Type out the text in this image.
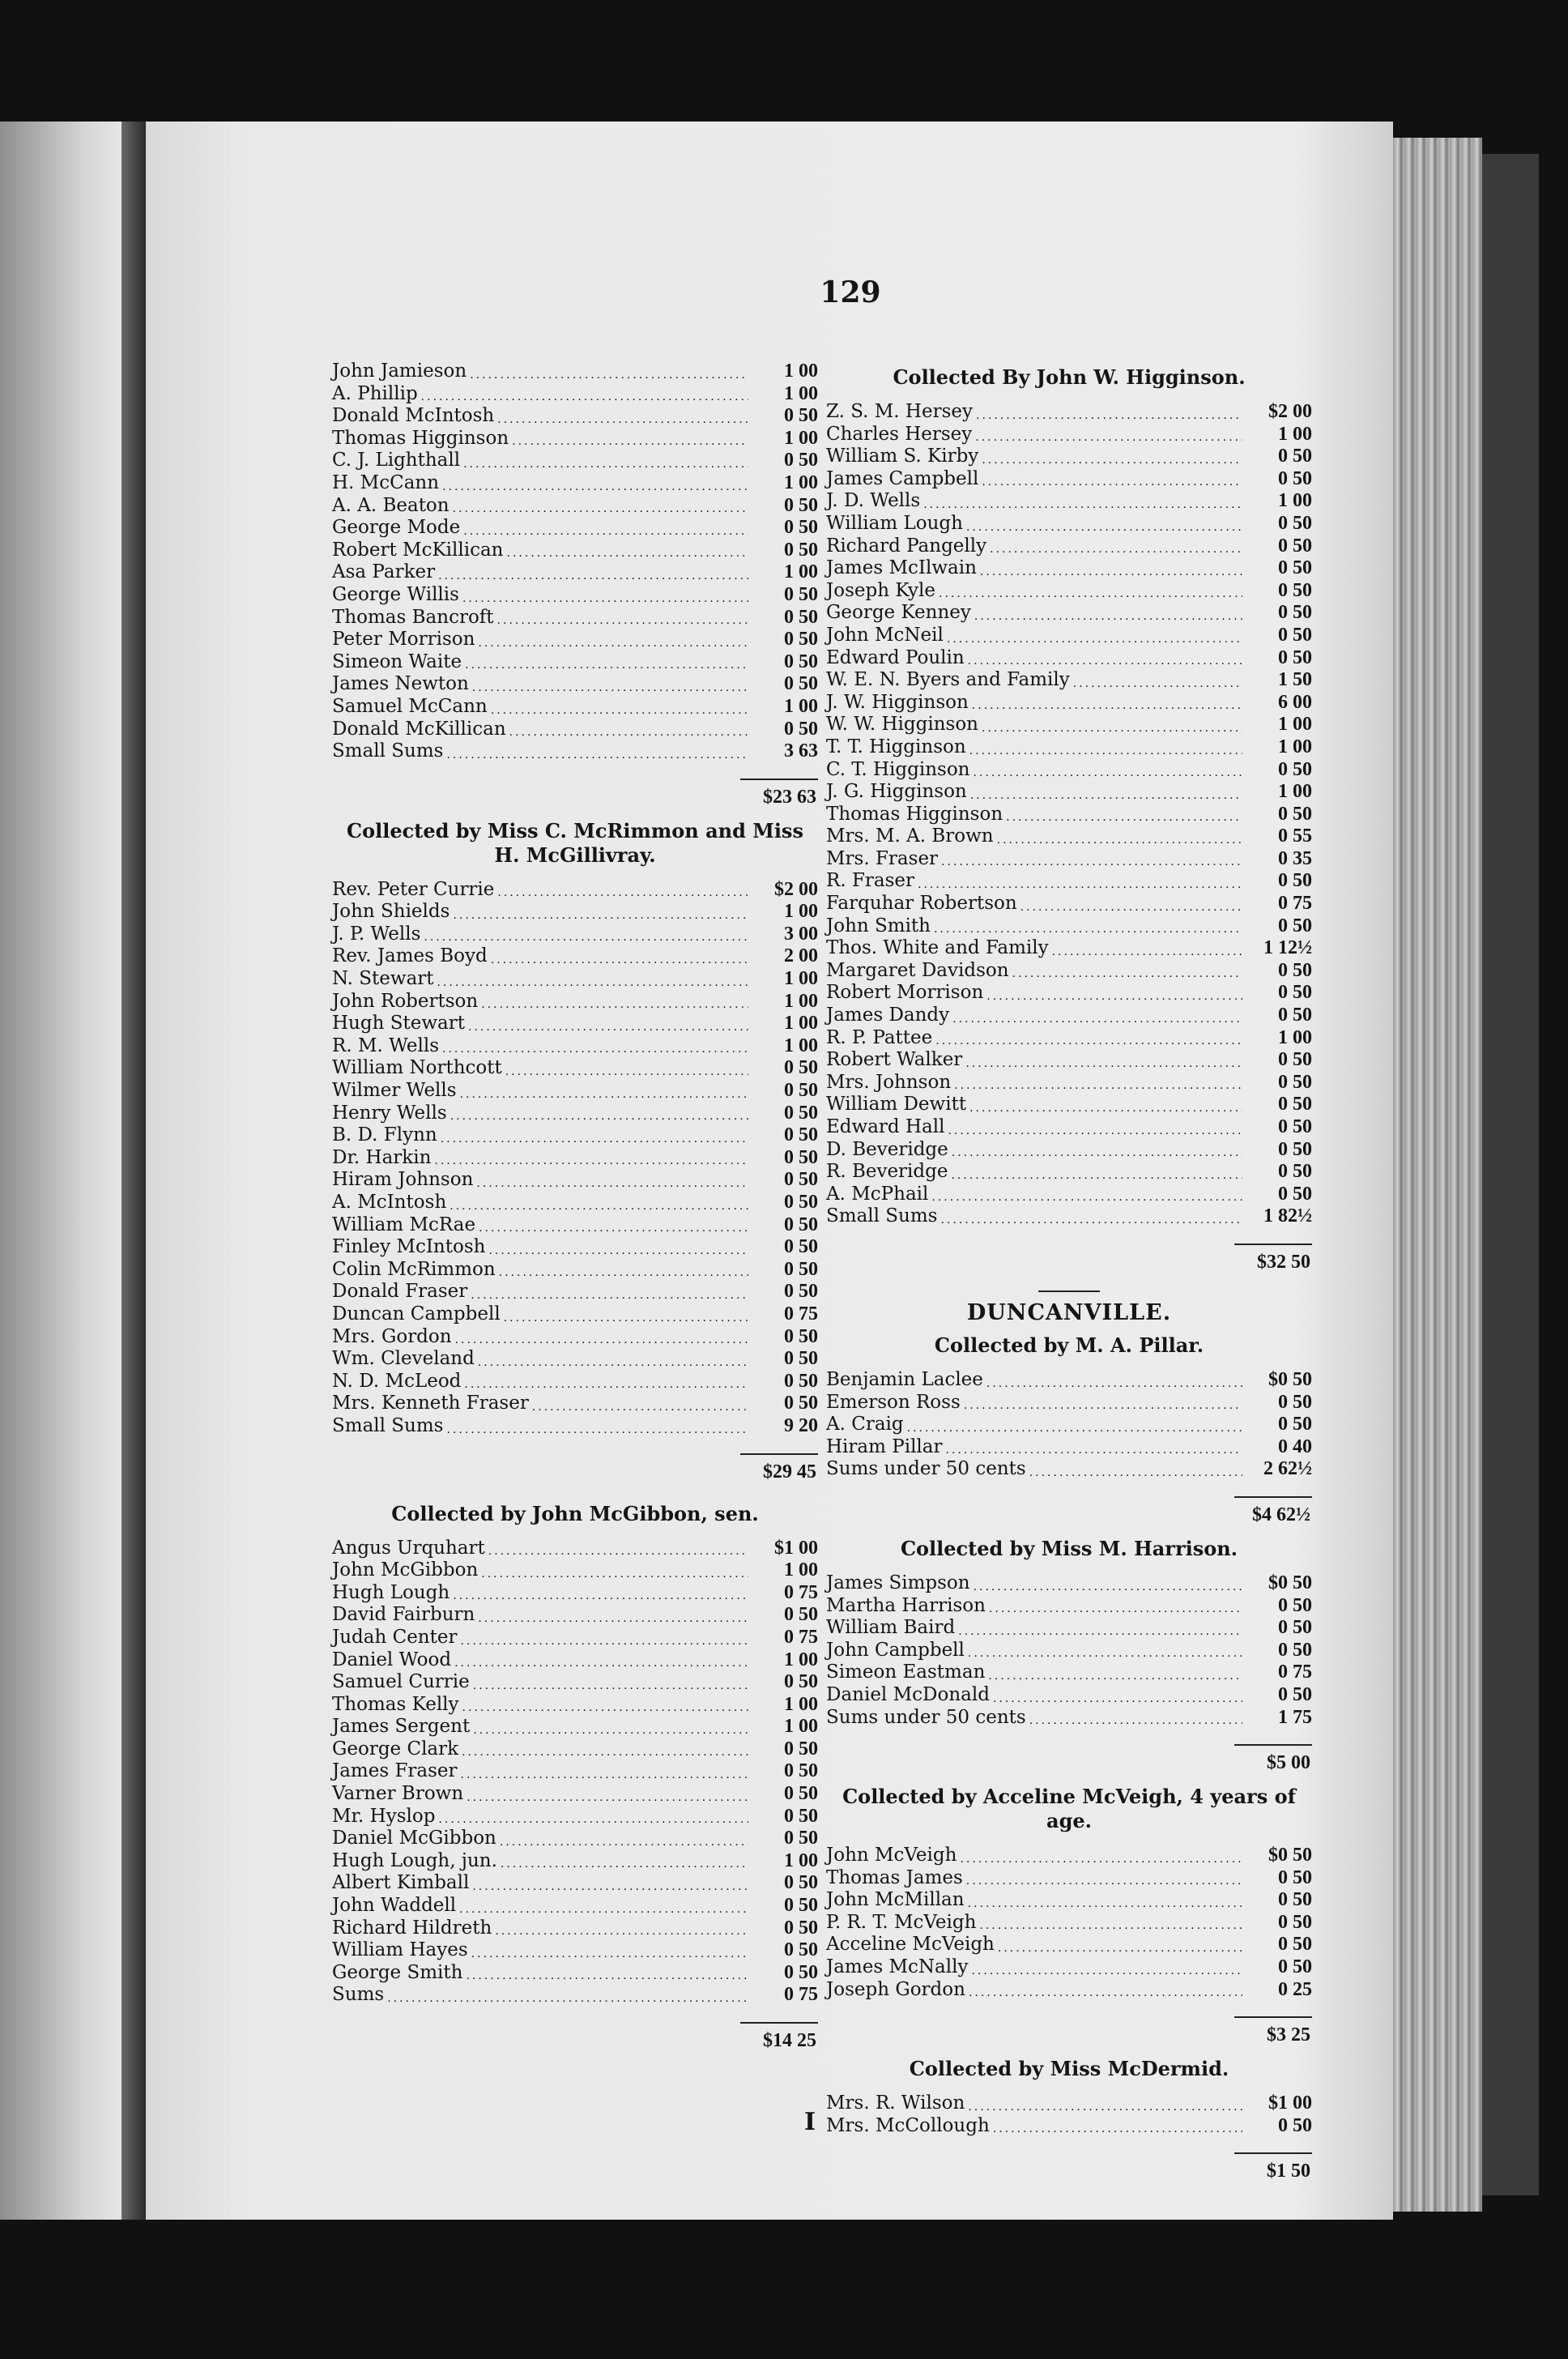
129
John Jamieson .....	1 00
A. Phillip .....	1 00
Donald McIntosh .....	0 50
Thomas Higginson .....	1 00
C. J. Lighthall .....	0 50
H. McCann .....	1 00
A. A. Beaton .....	0 50
George Mode .....	0 50
Robert McKillican .....	0 50
Asa Parker .....	1 00
George Willis .....	0 50
Thomas Bancroft .....	0 50
Peter Morrison .....	0 50
Simeon Waite .....	0 50
James Newton .....	0 50
Samuel McCann .....	1 00
Donald McKillican .....	0 50
Small Sums .....	3 63
$23 63
Collected by Miss C. McRimmon and Miss H. McGillivray.
Rev. Peter Currie .....	$2 00
John Shields .....	1 00
J. P. Wells .....	3 00
Rev. James Boyd .....	2 00
N. Stewart .....	1 00
John Robertson .....	1 00
Hugh Stewart .....	1 00
R. M. Wells .....	1 00
William Northcott .....	0 50
Wilmer Wells .....	0 50
Henry Wells .....	0 50
B. D. Flynn .....	0 50
Dr. Harkin .....	0 50
Hiram Johnson .....	0 50
A. McIntosh .....	0 50
William McRae .....	0 50
Finley McIntosh .....	0 50
Colin McRimmon .....	0 50
Donald Fraser .....	0 50
Duncan Campbell .....	0 75
Mrs. Gordon .....	0 50
Wm. Cleveland .....	0 50
N. D. McLeod .....	0 50
Mrs. Kenneth Fraser .....	0 50
Small Sums .....	9 20
$29 45
Collected by John McGibbon, sen.
Angus Urquhart .....	$1 00
John McGibbon .....	1 00
Hugh Lough .....	0 75
David Fairburn .....	0 50
Judah Center .....	0 75
Daniel Wood .....	1 00
Samuel Currie .....	0 50
Thomas Kelly .....	1 00
James Sergent .....	1 00
George Clark .....	0 50
James Fraser .....	0 50
Varner Brown .....	0 50
Mr. Hyslop .....	0 50
Daniel McGibbon .....	0 50
Hugh Lough, jun. .....	1 00
Albert Kimball .....	0 50
John Waddell .....	0 50
Richard Hildreth .....	0 50
William Hayes .....	0 50
George Smith .....	0 50
Sums .....	0 75
$14 25
Collected By John W. Higginson.
Z. S. M. Hersey .....	$2 00
Charles Hersey .....	1 00
William S. Kirby .....	0 50
James Campbell .....	0 50
J. D. Wells .....	1 00
William Lough .....	0 50
Richard Pangelly .....	0 50
James McIlwain .....	0 50
Joseph Kyle .....	0 50
George Kenney .....	0 50
John McNeil .....	0 50
Edward Poulin .....	0 50
W. E. N. Byers and Family .....	1 50
J. W. Higginson .....	6 00
W. W. Higginson .....	1 00
T. T. Higginson .....	1 00
C. T. Higginson .....	0 50
J. G. Higginson .....	1 00
Thomas Higginson .....	0 50
Mrs. M. A. Brown .....	0 55
Mrs. Fraser .....	0 35
R. Fraser .....	0 50
Farquhar Robertson .....	0 75
John Smith .....	0 50
Thos. White and Family .....	1 12½
Margaret Davidson .....	0 50
Robert Morrison .....	0 50
James Dandy .....	0 50
R. P. Pattee .....	1 00
Robert Walker .....	0 50
Mrs. Johnson .....	0 50
William Dewitt .....	0 50
Edward Hall .....	0 50
D. Beveridge .....	0 50
R. Beveridge .....	0 50
A. McPhail .....	0 50
Small Sums .....	1 82½
$32 50
DUNCANVILLE.
Collected by M. A. Pillar.
Benjamin Laclee .....	$0 50
Emerson Ross .....	0 50
A. Craig .....	0 50
Hiram Pillar .....	0 40
Sums under 50 cents .....	2 62½
$4 62½
Collected by Miss M. Harrison.
James Simpson .....	$0 50
Martha Harrison .....	0 50
William Baird .....	0 50
John Campbell .....	0 50
Simeon Eastman .....	0 75
Daniel McDonald .....	0 50
Sums under 50 cents .....	1 75
$5 00
Collected by Acceline McVeigh, 4 years of age.
John McVeigh .....	$0 50
Thomas James .....	0 50
John McMillan .....	0 50
P. R. T. McVeigh .....	0 50
Acceline McVeigh .....	0 50
James McNally .....	0 50
Joseph Gordon .....	0 25
$3 25
Collected by Miss McDermid.
Mrs. R. Wilson .....	$1 00
Mrs. McCollough .....	0 50
$1 50
I
